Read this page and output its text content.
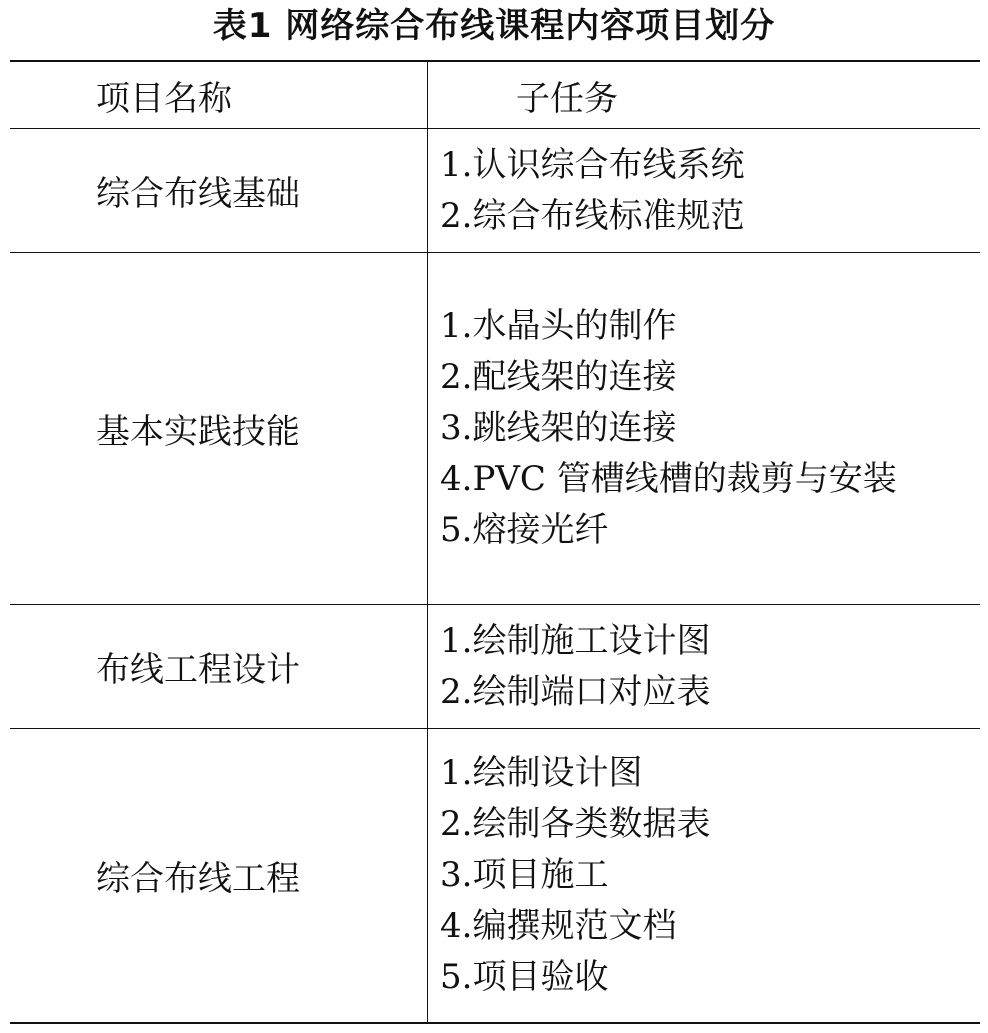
表1 网络综合布线课程内容项目划分
项目名称	子任务
综合布线基础
1.认识综合布线系统
2.综合布线标准规范
基本实践技能
1.水晶头的制作
2.配线架的连接
3.跳线架的连接
4.PVC 管槽线槽的裁剪与安装
5.熔接光纤
布线工程设计
1.绘制施工设计图
2.绘制端口对应表
综合布线工程
1.绘制设计图
2.绘制各类数据表
3.项目施工
4.编撰规范文档
5.项目验收
